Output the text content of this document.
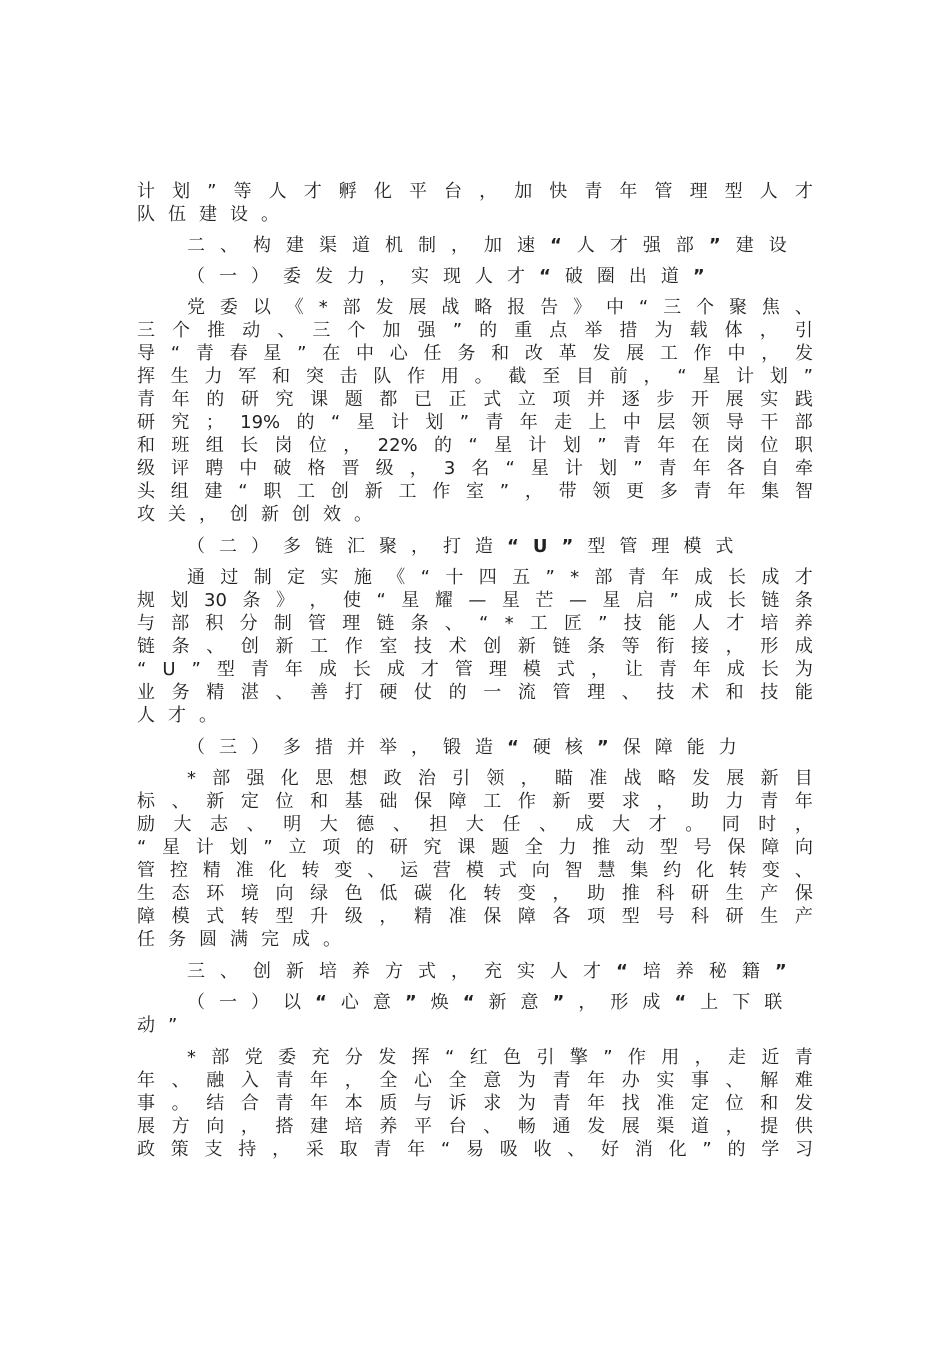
计 划 ” 等 人 才 孵 化 平 台 ， 加 快 青 年 管 理 型 人 才
队 伍 建 设 。
二 、 构 建 渠 道 机 制 ， 加 速 “ 人 才 强 部 ” 建 设
（ 一 ） 委 发 力 ， 实 现 人 才 “ 破 圈 出 道 ”
党 委 以 《 * 部 发 展 战 略 报 告 》 中 “ 三 个 聚 焦 、
三 个 推 动 、 三 个 加 强 ” 的 重 点 举 措 为 载 体 ， 引
导 “ 青 春 星 ” 在 中 心 任 务 和 改 革 发 展 工 作 中 ， 发
挥 生 力 军 和 突 击 队 作 用 。 截 至 目 前 ， “ 星 计 划 ”
青 年 的 研 究 课 题 都 已 正 式 立 项 并 逐 步 开 展 实 践
研 究 ； 19% 的 “ 星 计 划 ” 青 年 走 上 中 层 领 导 干 部
和 班 组 长 岗 位 ， 22% 的 “ 星 计 划 ” 青 年 在 岗 位 职
级 评 聘 中 破 格 晋 级 ， 3 名 “ 星 计 划 ” 青 年 各 自 牵
头 组 建 “ 职 工 创 新 工 作 室 ” ， 带 领 更 多 青 年 集 智
攻 关 ， 创 新 创 效 。
（ 二 ） 多 链 汇 聚 ， 打 造 “ U ” 型 管 理 模 式
通 过 制 定 实 施 《 “ 十 四 五 ” * 部 青 年 成 长 成 才
规 划 30 条 》 ， 使 “ 星 耀 — 星 芒 — 星 启 ” 成 长 链 条
与 部 积 分 制 管 理 链 条 、 “ * 工 匠 ” 技 能 人 才 培 养
链 条 、 创 新 工 作 室 技 术 创 新 链 条 等 衔 接 ， 形 成
“ U ” 型 青 年 成 长 成 才 管 理 模 式 ， 让 青 年 成 长 为
业 务 精 湛 、 善 打 硬 仗 的 一 流 管 理 、 技 术 和 技 能
人 才 。
（ 三 ） 多 措 并 举 ， 锻 造 “ 硬 核 ” 保 障 能 力
* 部 强 化 思 想 政 治 引 领 ， 瞄 准 战 略 发 展 新 目
标 、 新 定 位 和 基 础 保 障 工 作 新 要 求 ， 助 力 青 年
励 大 志 、 明 大 德 、 担 大 任 、 成 大 才 。 同 时 ，
“ 星 计 划 ” 立 项 的 研 究 课 题 全 力 推 动 型 号 保 障 向
管 控 精 准 化 转 变 、 运 营 模 式 向 智 慧 集 约 化 转 变 、
生 态 环 境 向 绿 色 低 碳 化 转 变 ， 助 推 科 研 生 产 保
障 模 式 转 型 升 级 ， 精 准 保 障 各 项 型 号 科 研 生 产
任 务 圆 满 完 成 。
三 、 创 新 培 养 方 式 ， 充 实 人 才 “ 培 养 秘 籍 ”
（ 一 ） 以 “ 心 意 ” 焕 “ 新 意 ” ， 形 成 “ 上 下 联
动 ”
* 部 党 委 充 分 发 挥 “ 红 色 引 擎 ” 作 用 ， 走 近 青
年 、 融 入 青 年 ， 全 心 全 意 为 青 年 办 实 事 、 解 难
事 。 结 合 青 年 本 质 与 诉 求 为 青 年 找 准 定 位 和 发
展 方 向 ， 搭 建 培 养 平 台 、 畅 通 发 展 渠 道 ， 提 供
政 策 支 持 ， 采 取 青 年 “ 易 吸 收 、 好 消 化 ” 的 学 习
